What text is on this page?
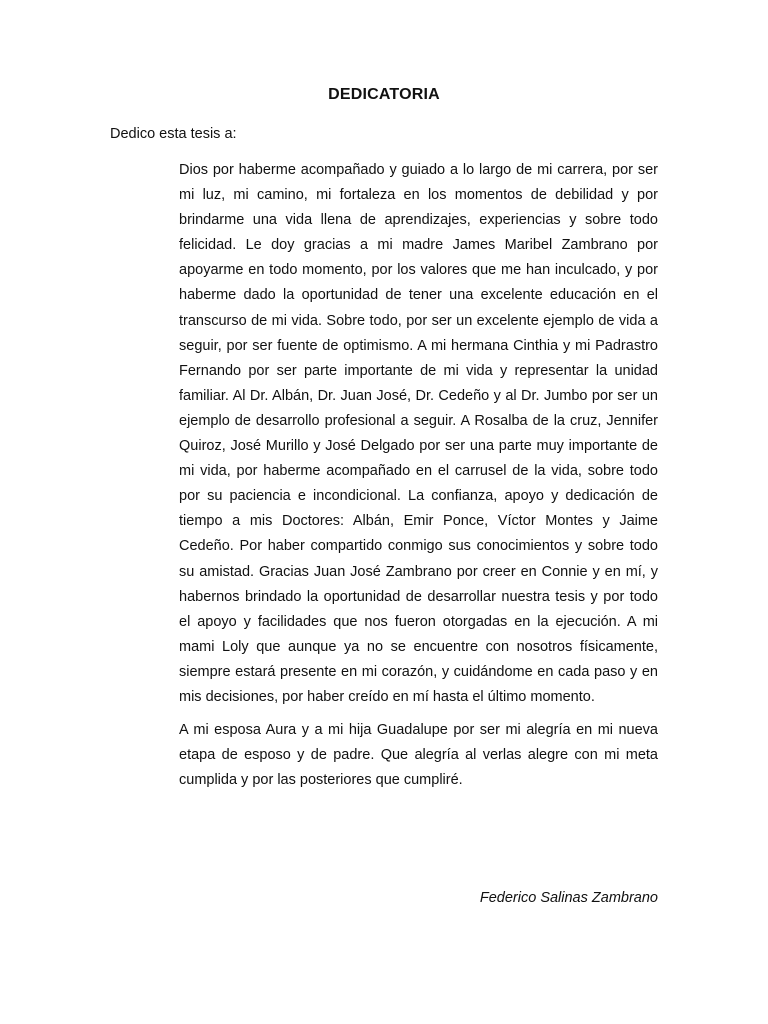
DEDICATORIA
Dedico esta tesis a:

Dios por haberme acompañado y guiado a lo largo de mi carrera, por ser mi luz, mi camino, mi fortaleza en los momentos de debilidad y por brindarme una vida llena de aprendizajes, experiencias y sobre todo felicidad. Le doy gracias a mi madre James Maribel Zambrano por apoyarme en todo momento, por los valores que me han inculcado, y por haberme dado la oportunidad de tener una excelente educación en el transcurso de mi vida. Sobre todo, por ser un excelente ejemplo de vida a seguir, por ser fuente de optimismo. A mi hermana Cinthia y mi Padrastro Fernando por ser parte importante de mi vida y representar la unidad familiar. Al Dr. Albán, Dr. Juan José, Dr. Cedeño y al Dr. Jumbo por ser un ejemplo de desarrollo profesional a seguir. A Rosalba de la cruz, Jennifer Quiroz, José Murillo y José Delgado por ser una parte muy importante de mi vida, por haberme acompañado en el carrusel de la vida, sobre todo por su paciencia e incondicional. La confianza, apoyo y dedicación de tiempo a mis Doctores: Albán, Emir Ponce, Víctor Montes y Jaime Cedeño. Por haber compartido conmigo sus conocimientos y sobre todo su amistad. Gracias Juan José Zambrano por creer en Connie y en mí, y habernos brindado la oportunidad de desarrollar nuestra tesis y por todo el apoyo y facilidades que nos fueron otorgadas en la ejecución. A mi mami Loly que aunque ya no se encuentre con nosotros físicamente, siempre estará presente en mi corazón, y cuidándome en cada paso y en mis decisiones, por haber creído en mí hasta el último momento.

A mi esposa Aura y a mi hija Guadalupe por ser mi alegría en mi nueva etapa de esposo y de padre. Que alegría al verlas alegre con mi meta cumplida y por las posteriores que cumpliré.

Federico Salinas Zambrano
